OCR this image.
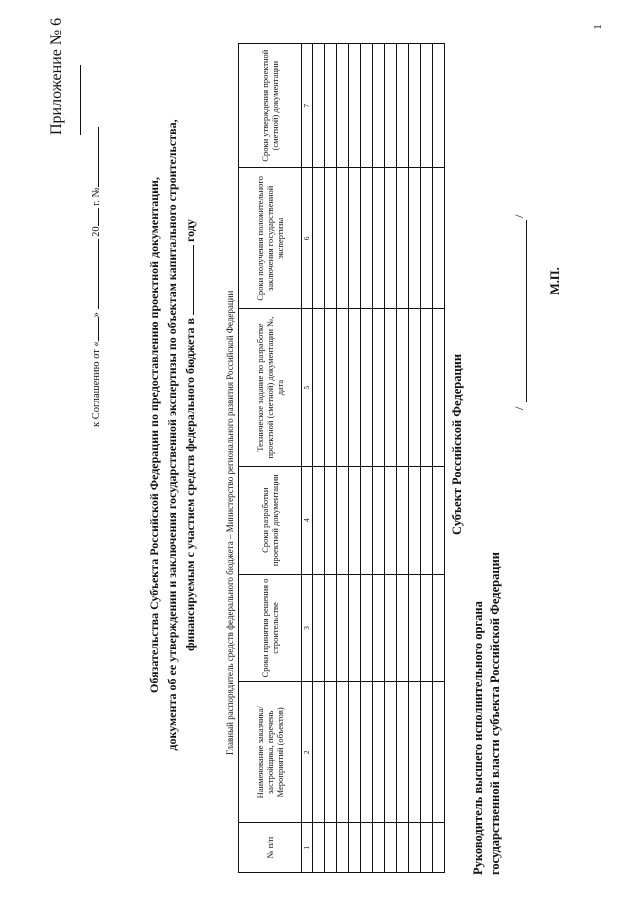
1
Приложение № 6
к Соглашению от «»  20 г. №	Обязательства Субъекта Российской Федерации по предоставлению проектной документации, документа об ее утверждении и заключения государственной экспертизы по объектам капитального строительства, финансируемым с участием средств федерального бюджета в  году
Главный распорядитель средств федерального бюджета – Министерство регионального развития Российской Федерации
№ п/п	Наименование заказчика/застройщика, перечень Мероприятий (объектов)	Сроки принятия решения о строительстве	Сроки разработки проектной документации	Техническое задание по разработке проектной (сметной) документации №, дата	Сроки получения положительного заключения государственной экспертизы	Сроки утверждения проектной (сметной) документации
1	2	3	4	5	6	7

Субъект Российской Федерации
Руководитель высшего исполнительного органа государственной власти субъекта Российской Федерации
/
/
М.П.
